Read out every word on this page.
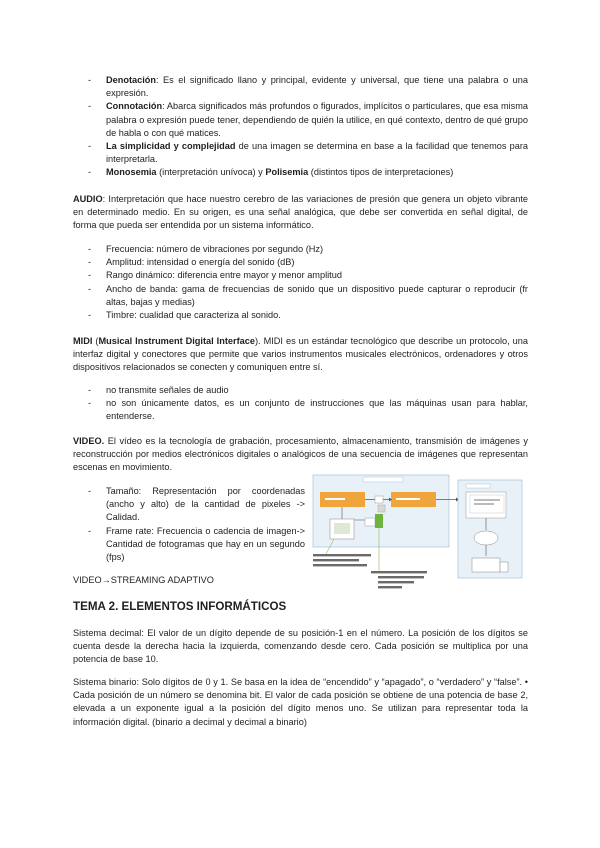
- Denotación: Es el significado llano y principal, evidente y universal, que tiene una palabra o una expresión.
- Connotación: Abarca significados más profundos o figurados, implícitos o particulares, que esa misma palabra o expresión puede tener, dependiendo de quién la utilice, en qué contexto, dentro de qué grupo de habla o con qué matices.
- La simplicidad y complejidad de una imagen se determina en base a la facilidad que tenemos para interpretarla.
- Monosemia (interpretación unívoca) y Polisemia (distintos tipos de interpretaciones)

AUDIO: Interpretación que hace nuestro cerebro de las variaciones de presión que genera un objeto vibrante en determinado medio. En su origen, es una señal analógica, que debe ser convertida en señal digital, de forma que pueda ser entendida por un sistema informático.

- Frecuencia: número de vibraciones por segundo (Hz)
- Amplitud: intensidad o energía del sonido (dB)
- Rango dinámico: diferencia entre mayor y menor amplitud
- Ancho de banda: gama de frecuencias de sonido que un dispositivo puede capturar o reproducir (fr altas, bajas y medias)
- Timbre: cualidad que caracteriza al sonido.

MIDI (Musical Instrument Digital Interface). MIDI es un estándar tecnológico que describe un protocolo, una interfaz digital y conectores que permite que varios instrumentos musicales electrónicos, ordenadores y otros dispositivos relacionados se conecten y comuniquen entre sí.

- no transmite señales de audio
- no son únicamente datos, es un conjunto de instrucciones que las máquinas usan para hablar, entenderse.

VIDEO. El vídeo es la tecnología de grabación, procesamiento, almacenamiento, transmisión de imágenes y reconstrucción por medios electrónicos digitales o analógicos de una secuencia de imágenes que representan escenas en movimiento.

- Tamaño: Representación por coordenadas (ancho y alto) de la cantidad de pixeles -> Calidad.
- Frame rate: Frecuencia o cadencia de imagen-> Cantidad de fotogramas que hay en un segundo (fps)

VIDEO→STREAMING ADAPTIVO

TEMA 2. ELEMENTOS INFORMÁTICOS

Sistema decimal: El valor de un dígito depende de su posición-1 en el número. La posición de los dígitos se cuenta desde la derecha hacia la izquierda, comenzando desde cero. Cada posición se multiplica por una potencia de base 10.

Sistema binario: Solo dígitos de 0 y 1. Se basa en la idea de “encendido” y “apagado”, o “verdadero” y “false”. • Cada posición de un número se denomina bit. El valor de cada posición se obtiene de una potencia de base 2, elevada a un exponente igual a la posición del dígito menos uno. Se utilizan para representar toda la información digital. (binario a decimal y decimal a binario)
